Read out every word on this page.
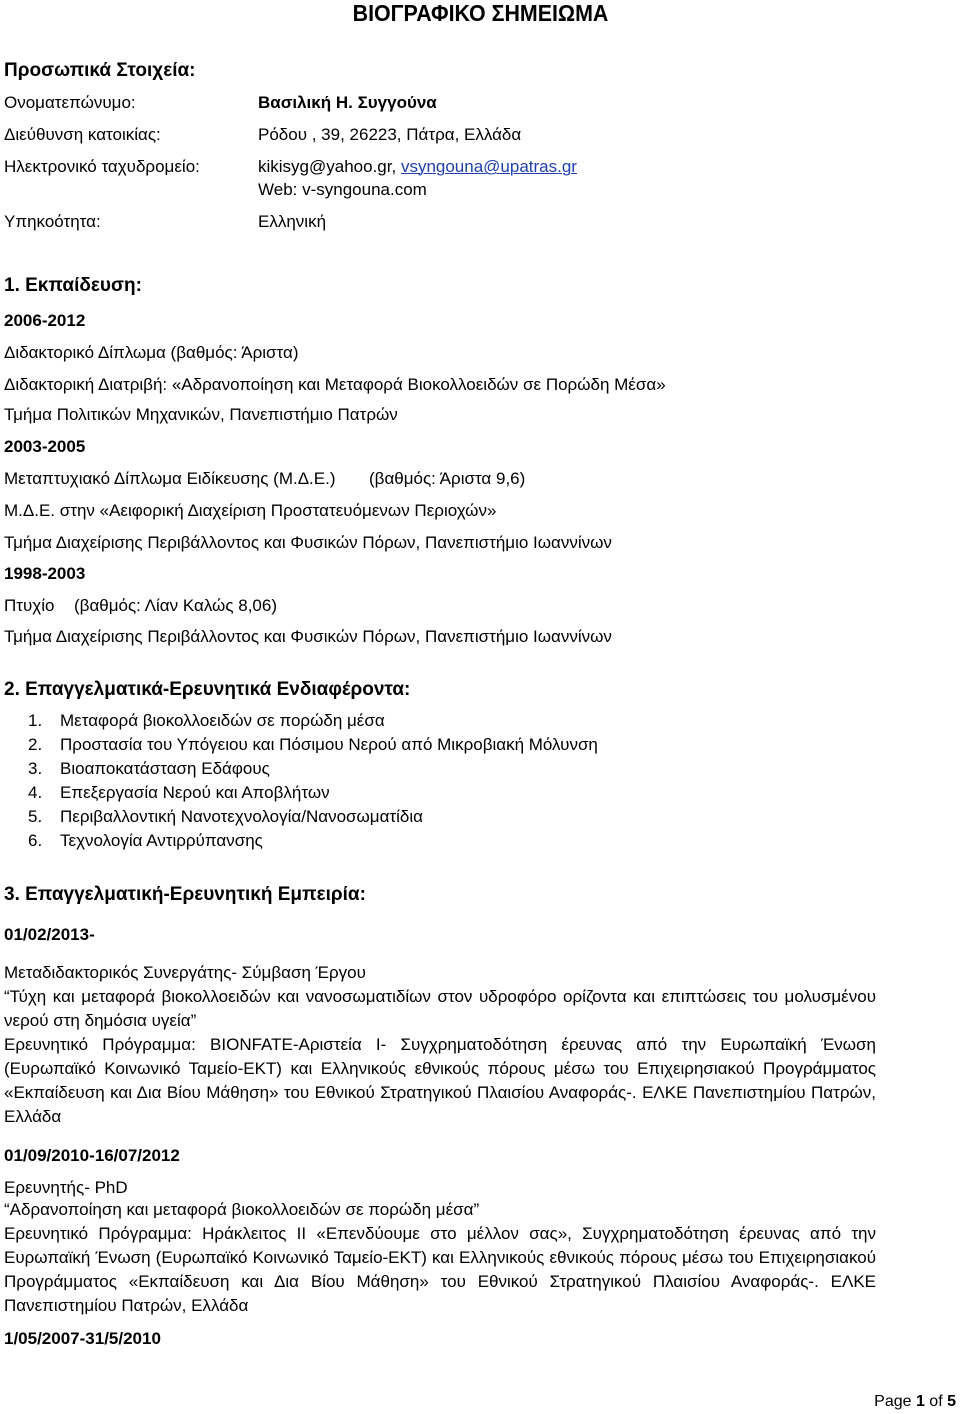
ΒΙΟΓΡΑΦΙΚΟ ΣΗΜΕΙΩΜΑ
Προσωπικά Στοιχεία:
Ονοματεπώνυμο:	Βασιλική Η. Συγγούνα
Διεύθυνση κατοικίας:	Ρόδου , 39, 26223, Πάτρα, Ελλάδα
Ηλεκτρονικό ταχυδρομείο:	kikisyg@yahoo.gr, vsyngouna@upatras.gr
Web: v-syngouna.com
Υπηκοότητα:	Ελληνική
1. Εκπαίδευση:
2006-2012
Διδακτορικό Δίπλωμα (βαθμός: Άριστα)
Διδακτορική Διατριβή: «Αδρανοποίηση και Μεταφορά Βιοκολλοειδών σε Πορώδη Μέσα»
Τμήμα Πολιτικών Μηχανικών, Πανεπιστήμιο Πατρών
2003-2005
Μεταπτυχιακό Δίπλωμα Ειδίκευσης (Μ.Δ.Ε.) (βαθμός: Άριστα 9,6)
Μ.Δ.Ε. στην «Αειφορική Διαχείριση Προστατευόμενων Περιοχών»
Τμήμα Διαχείρισης Περιβάλλοντος και Φυσικών Πόρων, Πανεπιστήμιο Ιωαννίνων
1998-2003
Πτυχίο (βαθμός: Λίαν Καλώς 8,06)
Τμήμα Διαχείρισης Περιβάλλοντος και Φυσικών Πόρων, Πανεπιστήμιο Ιωαννίνων
2. Επαγγελματικά-Ερευνητικά Ενδιαφέροντα:
1. Μεταφορά βιοκολλοειδών σε πορώδη μέσα
2. Προστασία του Υπόγειου και Πόσιμου Νερού από Μικροβιακή Μόλυνση
3. Βιοαποκατάσταση Εδάφους
4. Επεξεργασία Νερού και Αποβλήτων
5. Περιβαλλοντική Νανοτεχνολογία/Νανοσωματίδια
6. Τεχνολογία Αντιρρύπανσης
3. Επαγγελματική-Ερευνητική Εμπειρία:
01/02/2013-
Μεταδιδακτορικός Συνεργάτης- Σύμβαση Έργου
“Τύχη και μεταφορά βιοκολλοειδών και νανοσωματιδίων στον υδροφόρο ορίζοντα και επιπτώσεις του μολυσμένου νερού στη δημόσια υγεία”
Ερευνητικό Πρόγραμμα: BIONFATE-Αριστεία Ι- Συγχρηματοδότηση έρευνας από την Ευρωπαϊκή Ένωση (Ευρωπαϊκό Κοινωνικό Ταμείο-ΕΚΤ) και Ελληνικούς εθνικούς πόρους μέσω του Επιχειρησιακού Προγράμματος «Εκπαίδευση και Δια Βίου Μάθηση» του Εθνικού Στρατηγικού Πλαισίου Αναφοράς-. ΕΛΚΕ Πανεπιστημίου Πατρών, Ελλάδα
01/09/2010-16/07/2012
Ερευνητής- PhD
“Αδρανοποίηση και μεταφορά βιοκολλοειδών σε πορώδη μέσα”
Ερευνητικό Πρόγραμμα: Ηράκλειτος ΙΙ «Επενδύουμε στο μέλλον σας», Συγχρηματοδότηση έρευνας από την Ευρωπαϊκή Ένωση (Ευρωπαϊκό Κοινωνικό Ταμείο-ΕΚΤ) και Ελληνικούς εθνικούς πόρους μέσω του Επιχειρησιακού Προγράμματος «Εκπαίδευση και Δια Βίου Μάθηση» του Εθνικού Στρατηγικού Πλαισίου Αναφοράς-. ΕΛΚΕ Πανεπιστημίου Πατρών, Ελλάδα
1/05/2007-31/5/2010
Page 1 of 5
